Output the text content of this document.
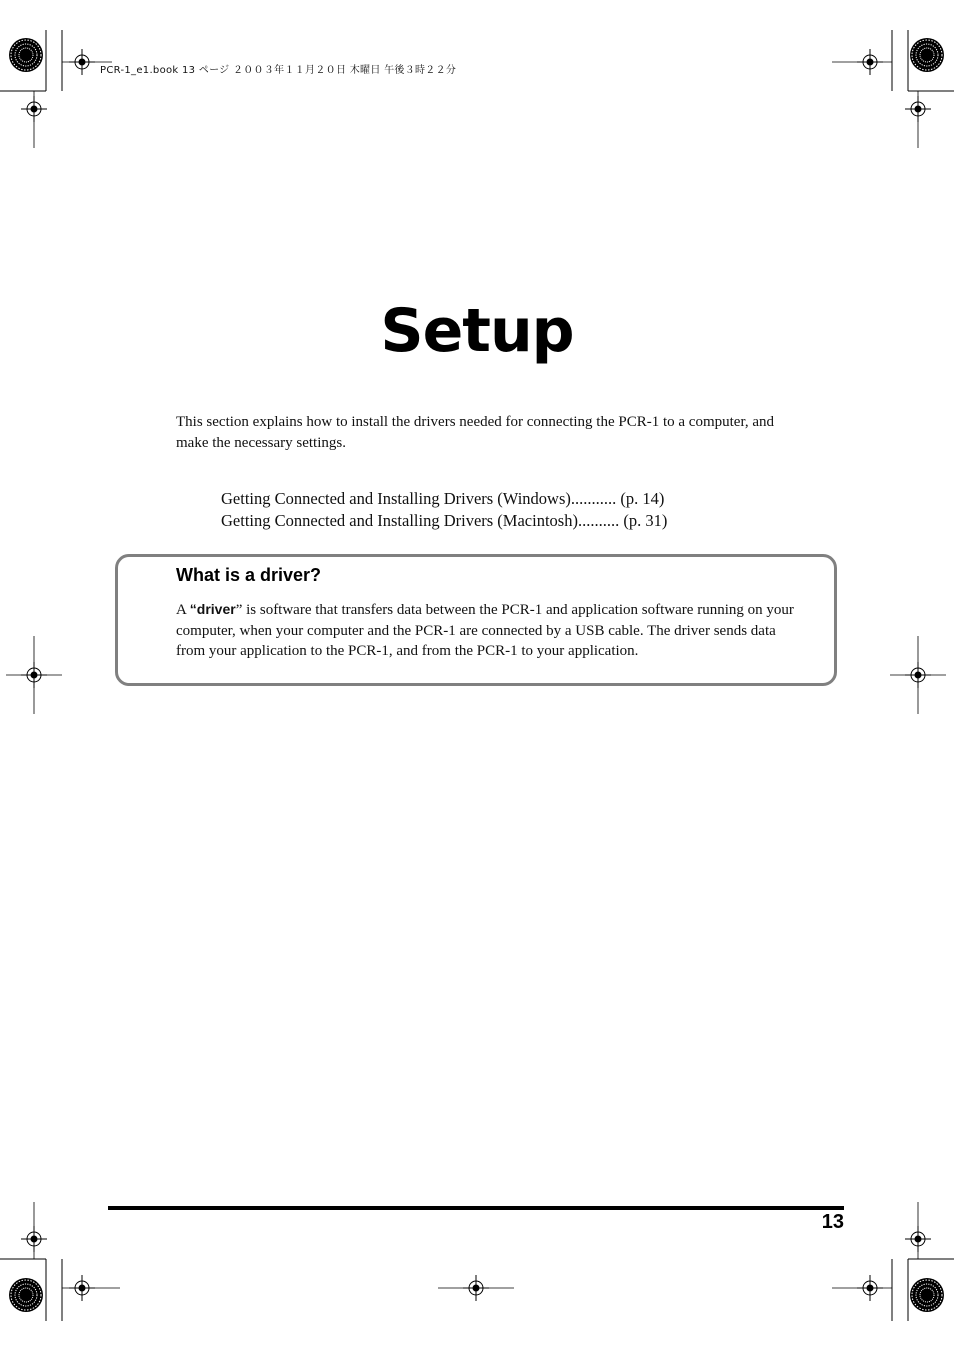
PCR-1_e1.book 13 ページ ２００３年１１月２０日 木曜日 午後３時２２分
Setup
This section explains how to install the drivers needed for connecting the PCR-1 to a computer, and make the necessary settings.
Getting Connected and Installing Drivers (Windows)........... (p. 14)
Getting Connected and Installing Drivers (Macintosh).......... (p. 31)
What is a driver?
A “driver” is software that transfers data between the PCR-1 and application software running on your computer, when your computer and the PCR-1 are connected by a USB cable. The driver sends data from your application to the PCR-1, and from the PCR-1 to your application.
13
